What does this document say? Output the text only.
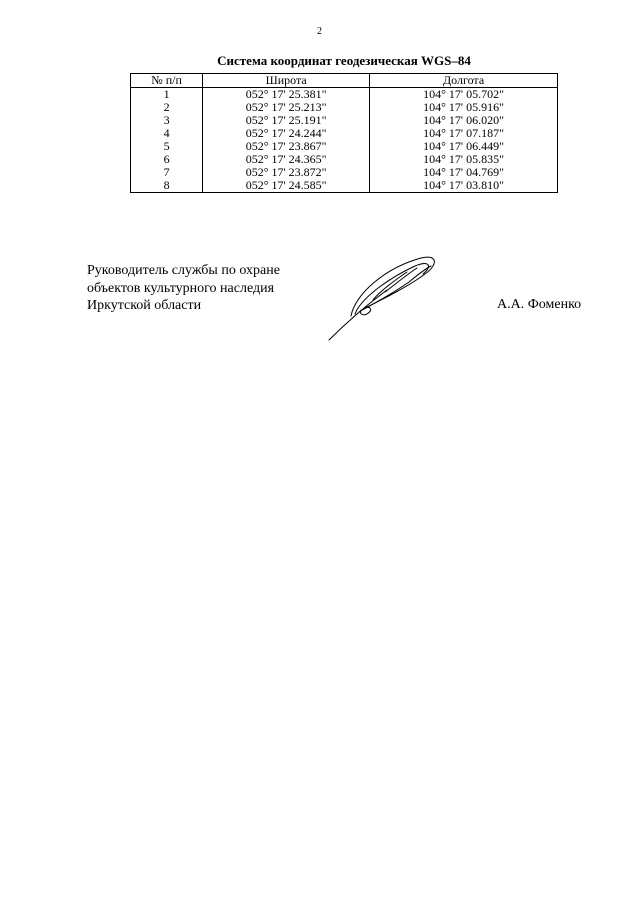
2
Система координат геодезическая WGS–84
№ п/п	Широта	Долгота
1	052° 17' 25.381"	104° 17' 05.702"
2	052° 17' 25.213"	104° 17' 05.916"
3	052° 17' 25.191"	104° 17' 06.020"
4	052° 17' 24.244"	104° 17' 07.187"
5	052° 17' 23.867"	104° 17' 06.449"
6	052° 17' 24.365"	104° 17' 05.835"
7	052° 17' 23.872"	104° 17' 04.769"
8	052° 17' 24.585"	104° 17' 03.810"
Руководитель службы по охране
объектов культурного наследия
Иркутской области	А.А. Фоменко
